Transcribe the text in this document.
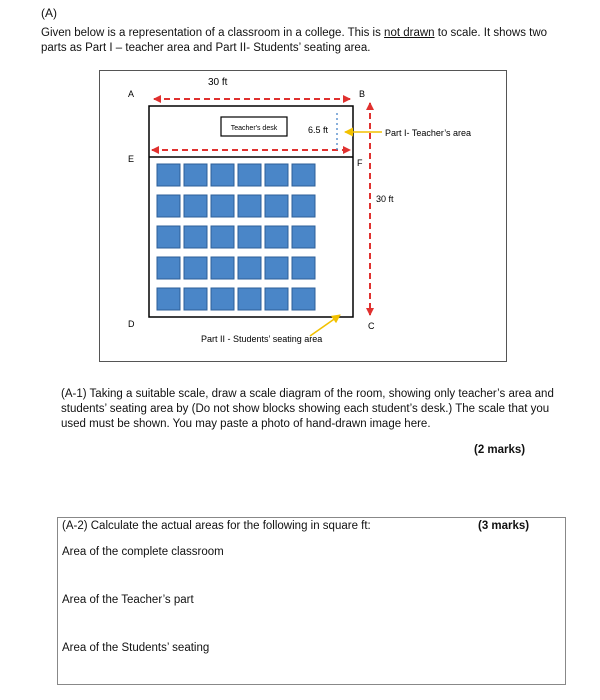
(A)
Given below is a representation of a classroom in a college. This is not drawn to scale. It shows two parts as Part I – teacher area and Part II- Students’ seating area.
30 ft
A	B
Teacher's desk
E	F
6.5 ft
30 ft
Part I- Teacher’s area
D	C
Part II - Students’ seating area
(A-1) Taking a suitable scale, draw a scale diagram of the room, showing only teacher’s area and students’ seating area by (Do not show blocks showing each student’s desk.) The scale that you used must be shown. You may paste a photo of hand-drawn image here.
(2 marks)
(A-2) Calculate the actual areas for the following in square ft:	(3 marks)
Area of the complete classroom
Area of the Teacher’s part
Area of the Students’ seating
